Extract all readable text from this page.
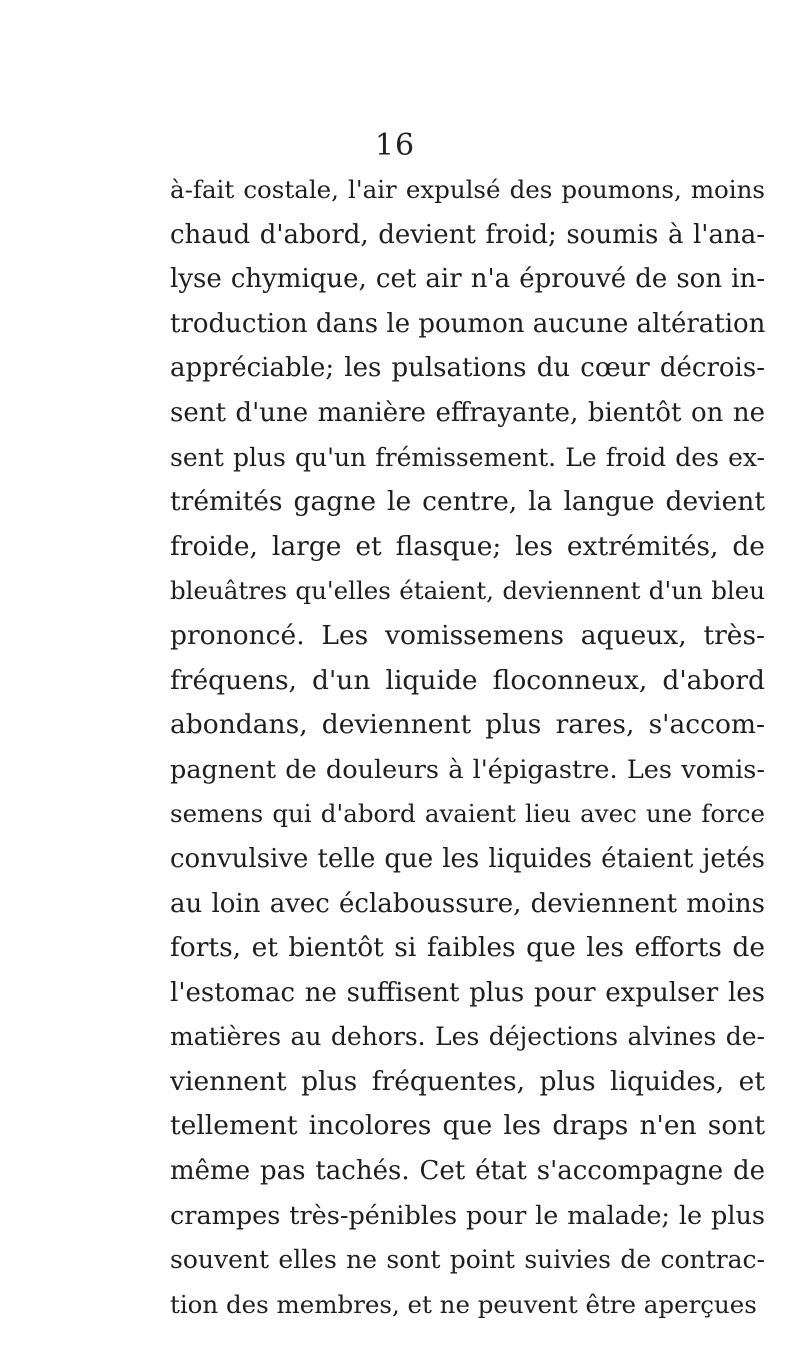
16
à-fait costale, l'air expulsé des poumons, moins
chaud d'abord, devient froid; soumis à l'ana-
lyse chymique, cet air n'a éprouvé de son in-
troduction dans le poumon aucune altération
appréciable; les pulsations du cœur décrois-
sent d'une manière effrayante, bientôt on ne
sent plus qu'un frémissement. Le froid des ex-
trémités gagne le centre, la langue devient
froide, large et flasque; les extrémités, de
bleuâtres qu'elles étaient, deviennent d'un bleu
prononcé. Les vomissemens aqueux, très-
fréquens, d'un liquide floconneux, d'abord
abondans, deviennent plus rares, s'accom-
pagnent de douleurs à l'épigastre. Les vomis-
semens qui d'abord avaient lieu avec une force
convulsive telle que les liquides étaient jetés
au loin avec éclaboussure, deviennent moins
forts, et bientôt si faibles que les efforts de
l'estomac ne suffisent plus pour expulser les
matières au dehors. Les déjections alvines de-
viennent plus fréquentes, plus liquides, et
tellement incolores que les draps n'en sont
même pas tachés. Cet état s'accompagne de
crampes très-pénibles pour le malade; le plus
souvent elles ne sont point suivies de contrac-
tion des membres, et ne peuvent être aperçues
